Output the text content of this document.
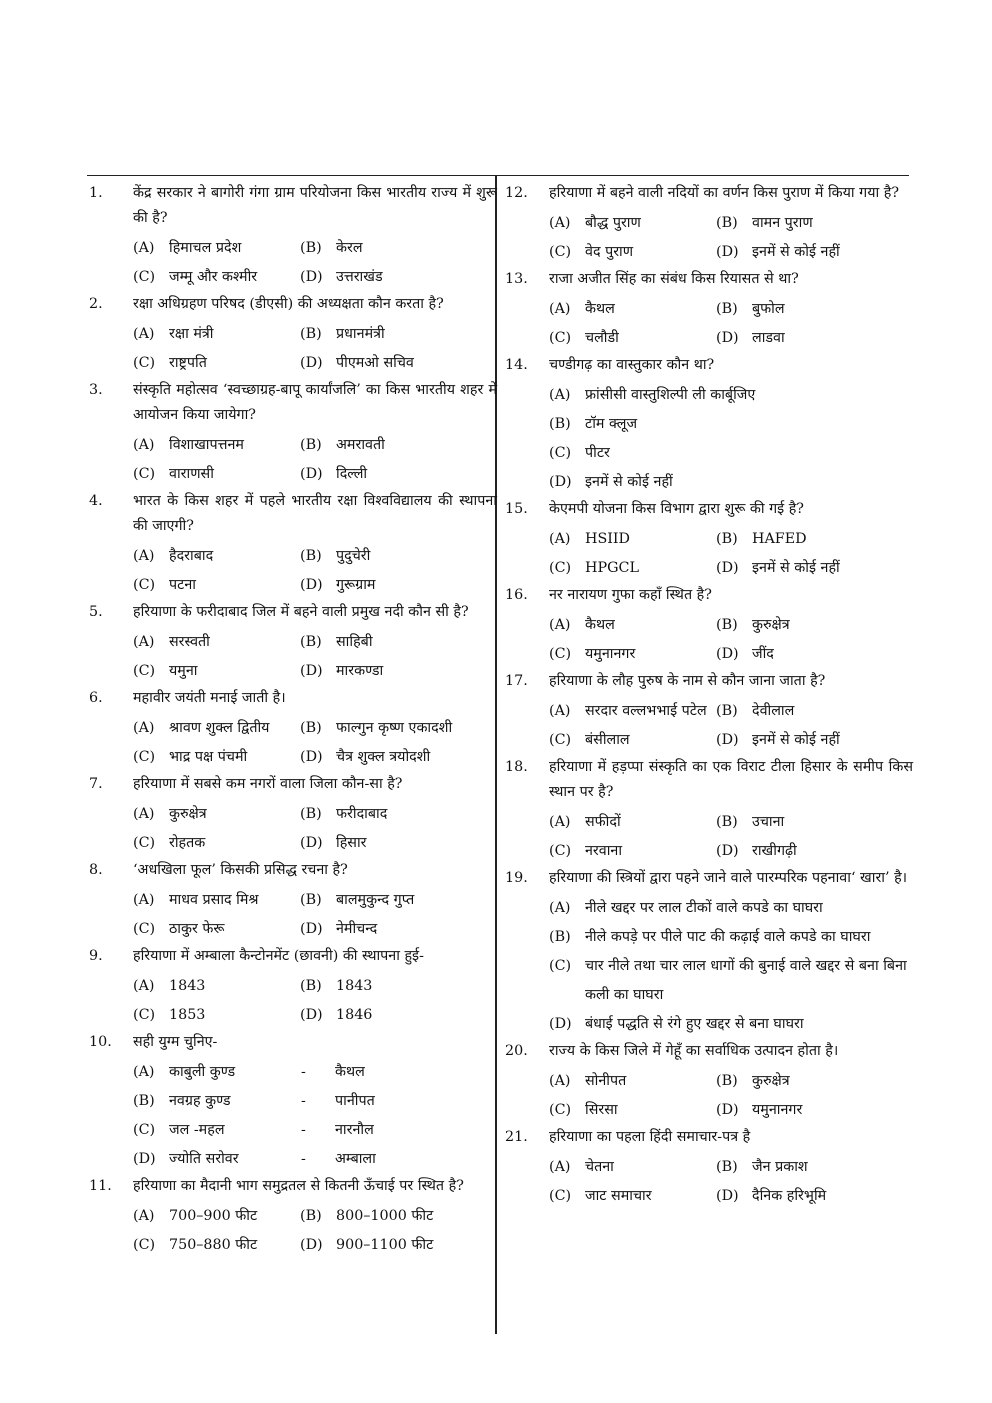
1.	केंद्र सरकार ने बागोरी गंगा ग्राम परियोजना किस भारतीय राज्य में शुरू की है?
(A)	हिमाचल प्रदेश	(B)	केरल
(C) जम्मू और कश्मीर	(D) उत्तराखंड
2.	रक्षा अधिग्रहण परिषद (डीएसी) की अध्यक्षता कौन करता है?
(A)	रक्षा मंत्री	(B)	प्रधानमंत्री
(C) राष्ट्रपति	(D) पीएमओ सचिव
3.	संस्कृति महोत्सव ‘स्वच्छाग्रह-बापू कार्यांजलि’ का किस भारतीय शहर में आयोजन किया जायेगा?
(A)	विशाखापत्तनम	(B)	अमरावती
(C) वाराणसी	(D) दिल्ली
4.	भारत के किस शहर में पहले भारतीय रक्षा विश्वविद्यालय की स्थापना की जाएगी?
(A)	हैदराबाद	(B)	पुदुचेरी
(C) पटना	(D) गुरूग्राम
5.	हरियाणा के फरीदाबाद जिल में बहने वाली प्रमुख नदी कौन सी है?
(A)	सरस्वती	(B)	साहिबी
(C) यमुना	(D) मारकण्डा
6.	महावीर जयंती मनाई जाती है।
(A)	श्रावण शुक्ल द्वितीय	(B)	फाल्गुन कृष्ण एकादशी
(C) भाद्र पक्ष पंचमी	(D) चैत्र शुक्ल त्रयोदशी
7.	हरियाणा में सबसे कम नगरों वाला जिला कौन-सा है?
(A)	कुरुक्षेत्र	(B)	फरीदाबाद
(C) रोहतक	(D) हिसार
8.	‘अधखिला फूल’ किसकी प्रसिद्ध रचना है?
(A)	माधव प्रसाद मिश्र	(B)	बालमुकुन्द गुप्त
(C) ठाकुर फेरू	(D) नेमीचन्द
9.	हरियाणा में अम्बाला कैन्टोनमेंट (छावनी) की स्थापना हुई-
(A)	1843	(B)	1843
(C) 1853	(D) 1846
10.	सही युग्म चुनिए-
(A)	काबुली कुण्ड	-	कैथल
(B)	नवग्रह कुण्ड	-	पानीपत
(C) जल -महल	-	नारनौल
(D) ज्योति सरोवर	-	अम्बाला
11.	हरियाणा का मैदानी भाग समुद्रतल से कितनी ऊँचाई पर स्थित है?
(A)	700–900 फीट	(B)	800–1000 फीट
(C) 750–880 फीट	(D) 900–1100 फीट
12.	हरियाणा में बहने वाली नदियों का वर्णन किस पुराण में किया गया है?
(A)	बौद्ध पुराण	(B)	वामन पुराण
(C) वेद पुराण	(D) इनमें से कोई नहीं
13.	राजा अजीत सिंह का संबंध किस रियासत से था?
(A)	कैथल	(B)	बुफोल
(C) चलौडी	(D) लाडवा
14.	चण्डीगढ़ का वास्तुकार कौन था?
(A)	फ्रांसीसी वास्तुशिल्पी ली कार्बूजिए
(B)	टॉम क्लूज
(C) पीटर
(D) इनमें से कोई नहीं
15.	केएमपी योजना किस विभाग द्वारा शुरू की गई है?
(A)	HSIID	(B)	HAFED
(C) HPGCL	(D) इनमें से कोई नहीं
16.	नर नारायण गुफा कहाँ स्थित है?
(A)	कैथल	(B)	कुरुक्षेत्र
(C) यमुनानगर	(D) जींद
17.	हरियाणा के लौह पुरुष के नाम से कौन जाना जाता है?
(A)	सरदार वल्लभभाई पटेल (B)	देवीलाल
(C) बंसीलाल	(D) इनमें से कोई नहीं
18.	हरियाणा में हड़प्पा संस्कृति का एक विराट टीला हिसार के समीप किस स्थान पर है?
(A)	सफीदों	(B)	उचाना
(C) नरवाना	(D) राखीगढ़ी
19.	हरियाणा की स्त्रियों द्वारा पहने जाने वाले पारम्परिक पहनावा‘ खारा’ है।
(A)	नीले खद्दर पर लाल टीकों वाले कपडे का घाघरा
(B)	नीले कपड़े पर पीले पाट की कढ़ाई वाले कपडे का घाघरा
(C) चार नीले तथा चार लाल धागों की बुनाई वाले खद्दर से बना बिना कली का घाघरा
(D) बंधाई पद्धति से रंगे हुए खद्दर से बना घाघरा
20.	राज्य के किस जिले में गेहूँ का सर्वाधिक उत्पादन होता है।
(A)	सोनीपत	(B)	कुरुक्षेत्र
(C) सिरसा	(D) यमुनानगर
21.	हरियाणा का पहला हिंदी समाचार-पत्र है
(A)	चेतना	(B)	जैन प्रकाश
(C) जाट समाचार	(D) दैनिक हरिभूमि
